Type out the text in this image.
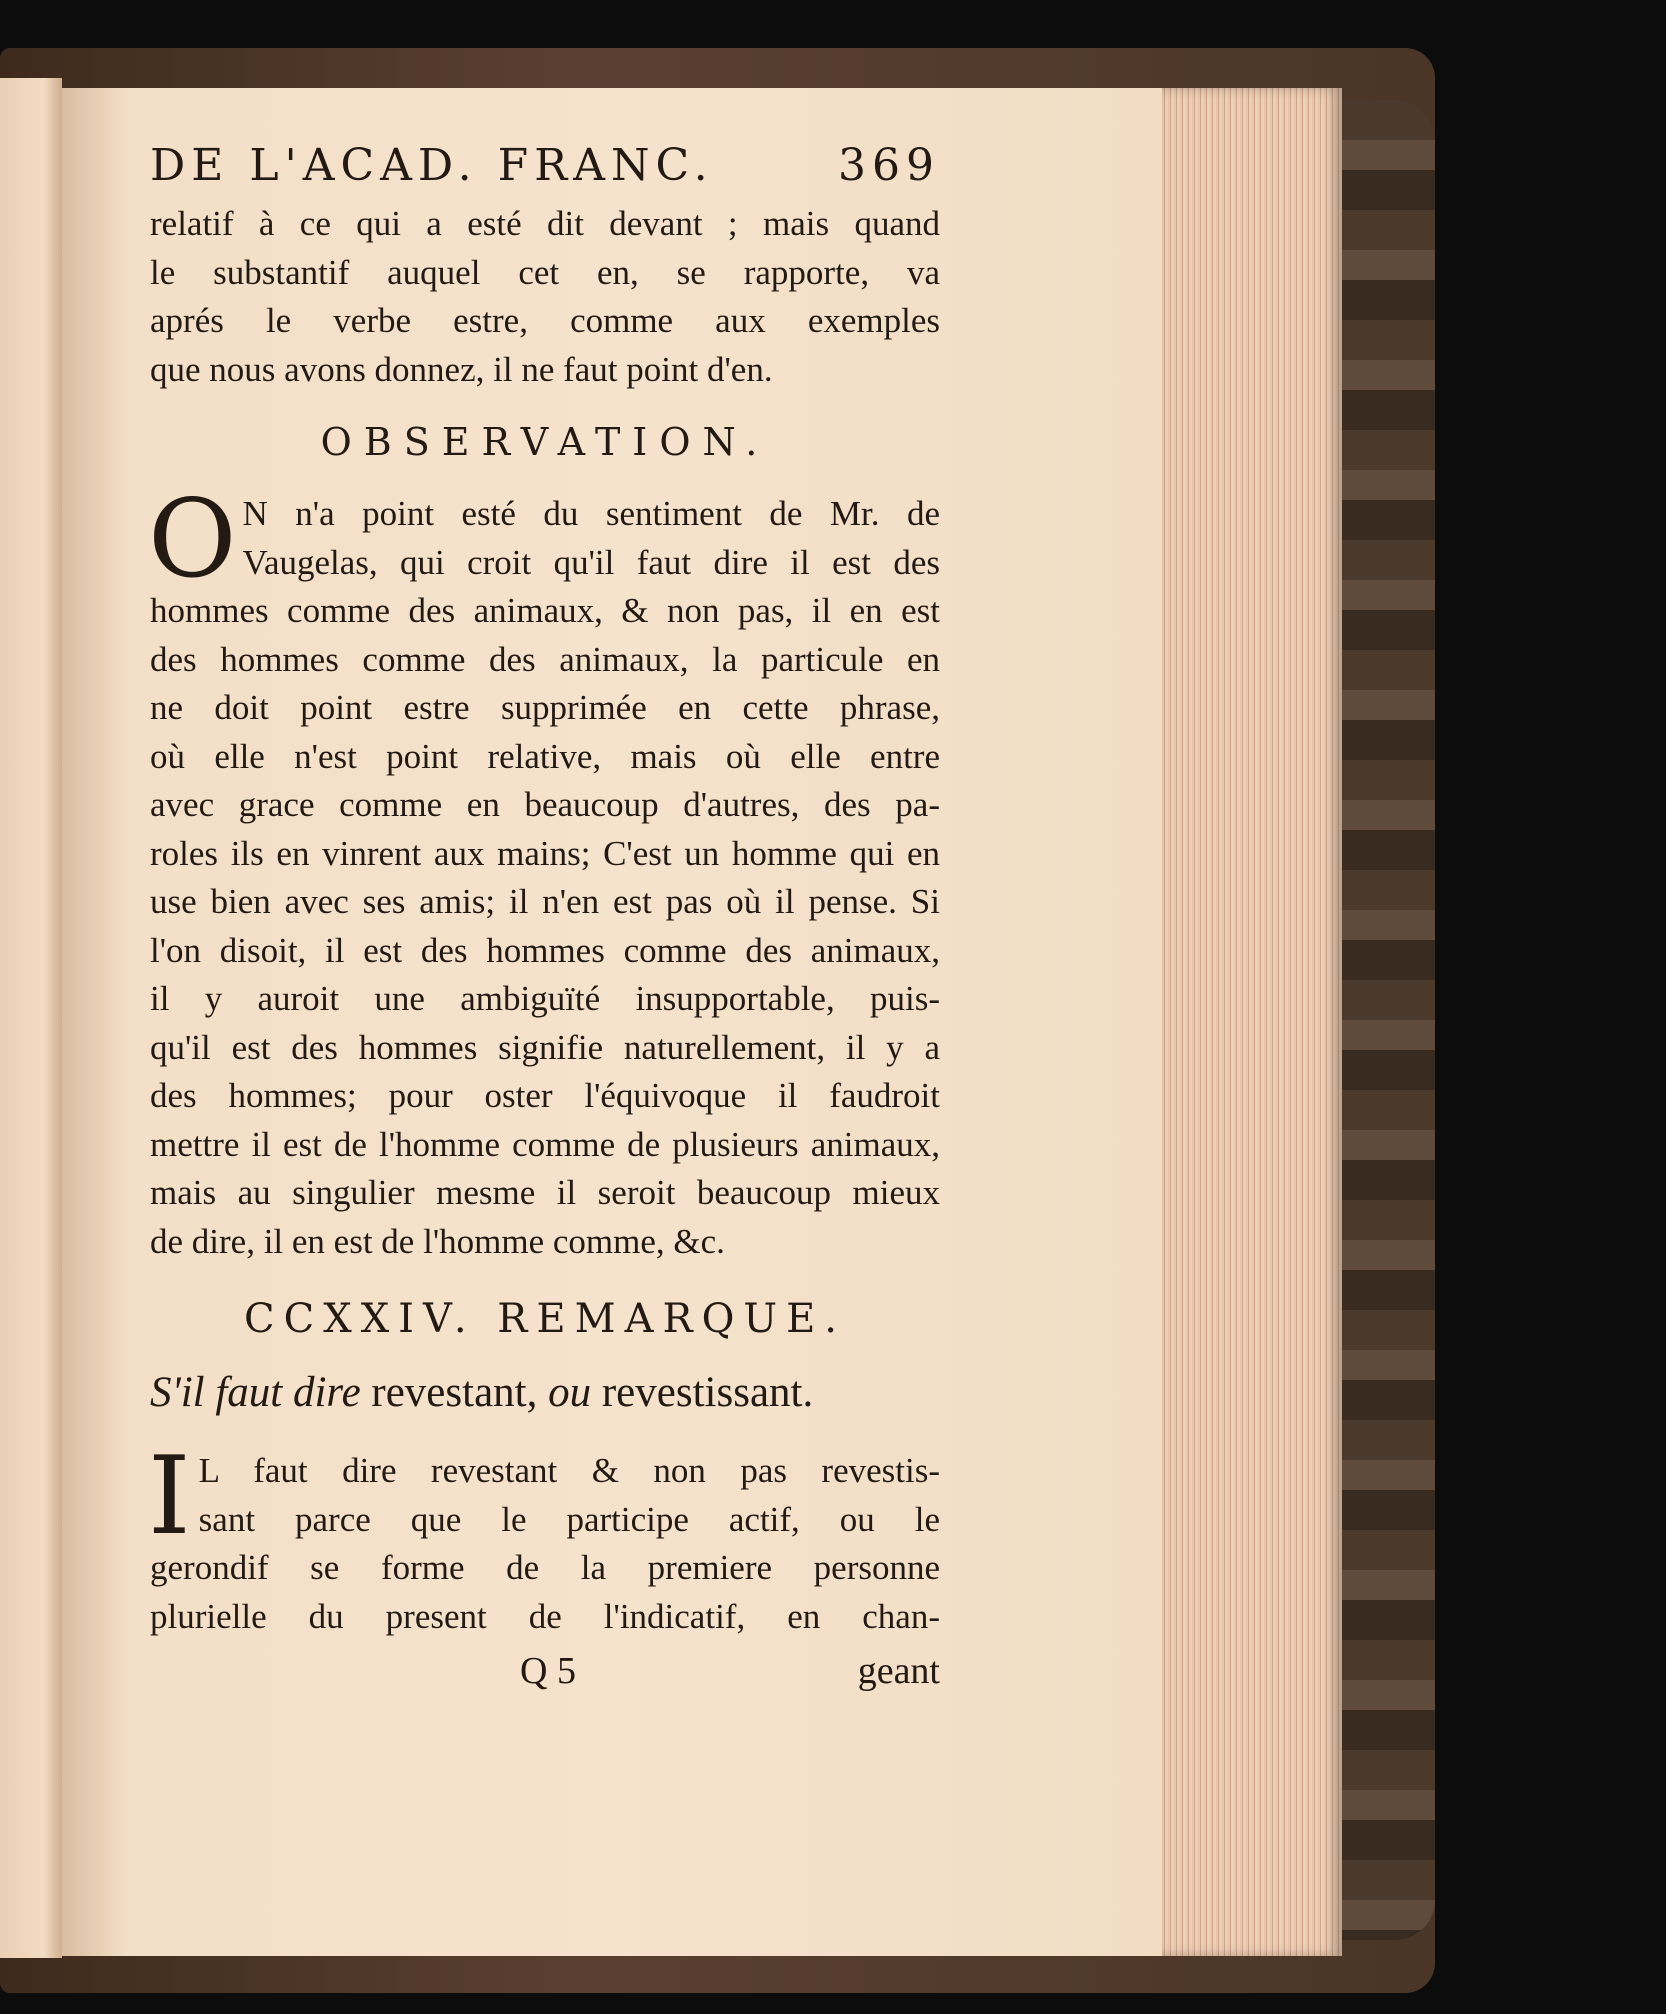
DE L'ACAD. FRANC.	369
relatif à ce qui a esté dit devant ; mais quand
le substantif auquel cet en, se rapporte, va
aprés le verbe estre, comme aux exemples
que nous avons donnez, il ne faut point d'en.
OBSERVATION.
O N n'a point esté du sentiment de Mr. de
Vaugelas, qui croit qu'il faut dire il est des
hommes comme des animaux, & non pas, il en est
des hommes comme des animaux, la particule en
ne doit point estre supprimée en cette phrase,
où elle n'est point relative, mais où elle entre
avec grace comme en beaucoup d'autres, des pa-
roles ils en vinrent aux mains; C'est un homme qui en
use bien avec ses amis; il n'en est pas où il pense. Si
l'on disoit, il est des hommes comme des animaux,
il y auroit une ambiguïté insupportable, puis-
qu'il est des hommes signifie naturellement, il y a
des hommes; pour oster l'équivoque il faudroit
mettre il est de l'homme comme de plusieurs animaux,
mais au singulier mesme il seroit beaucoup mieux
de dire, il en est de l'homme comme, &c.
CCXXIV. REMARQUE.
S'il faut dire revestant, ou revestissant.
I L faut dire revestant & non pas revestis-
sant parce que le participe actif, ou le
gerondif se forme de la premiere personne
plurielle du present de l'indicatif, en chan-
Q 5	geant
